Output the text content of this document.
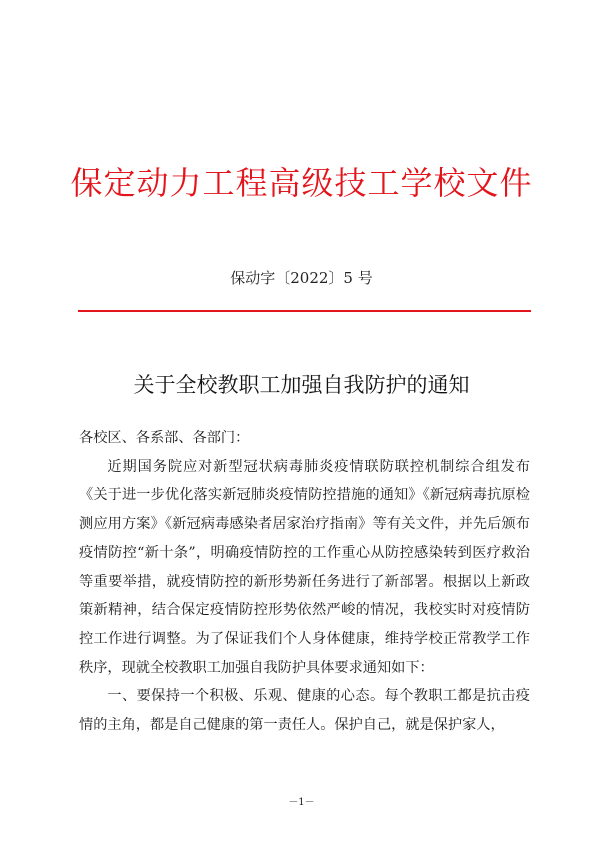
保定动力工程高级技工学校文件
保动字〔2022〕5 号
关于全校教职工加强自我防护的通知

各校区、各系部、各部门：

近期国务院应对新型冠状病毒肺炎疫情联防联控机制综合组发布《关于进一步优化落实新冠肺炎疫情防控措施的通知》《新冠病毒抗原检测应用方案》《新冠病毒感染者居家治疗指南》等有关文件，并先后颁布疫情防控“新十条”，明确疫情防控的工作重心从防控感染转到医疗救治等重要举措，就疫情防控的新形势新任务进行了新部署。根据以上新政策新精神，结合保定疫情防控形势依然严峻的情况，我校实时对疫情防控工作进行调整。为了保证我们个人身体健康，维持学校正常教学工作秩序，现就全校教职工加强自我防护具体要求通知如下：

一、要保持一个积极、乐观、健康的心态。每个教职工都是抗击疫情的主角，都是自己健康的第一责任人。保护自己，就是保护家人，

－1－
